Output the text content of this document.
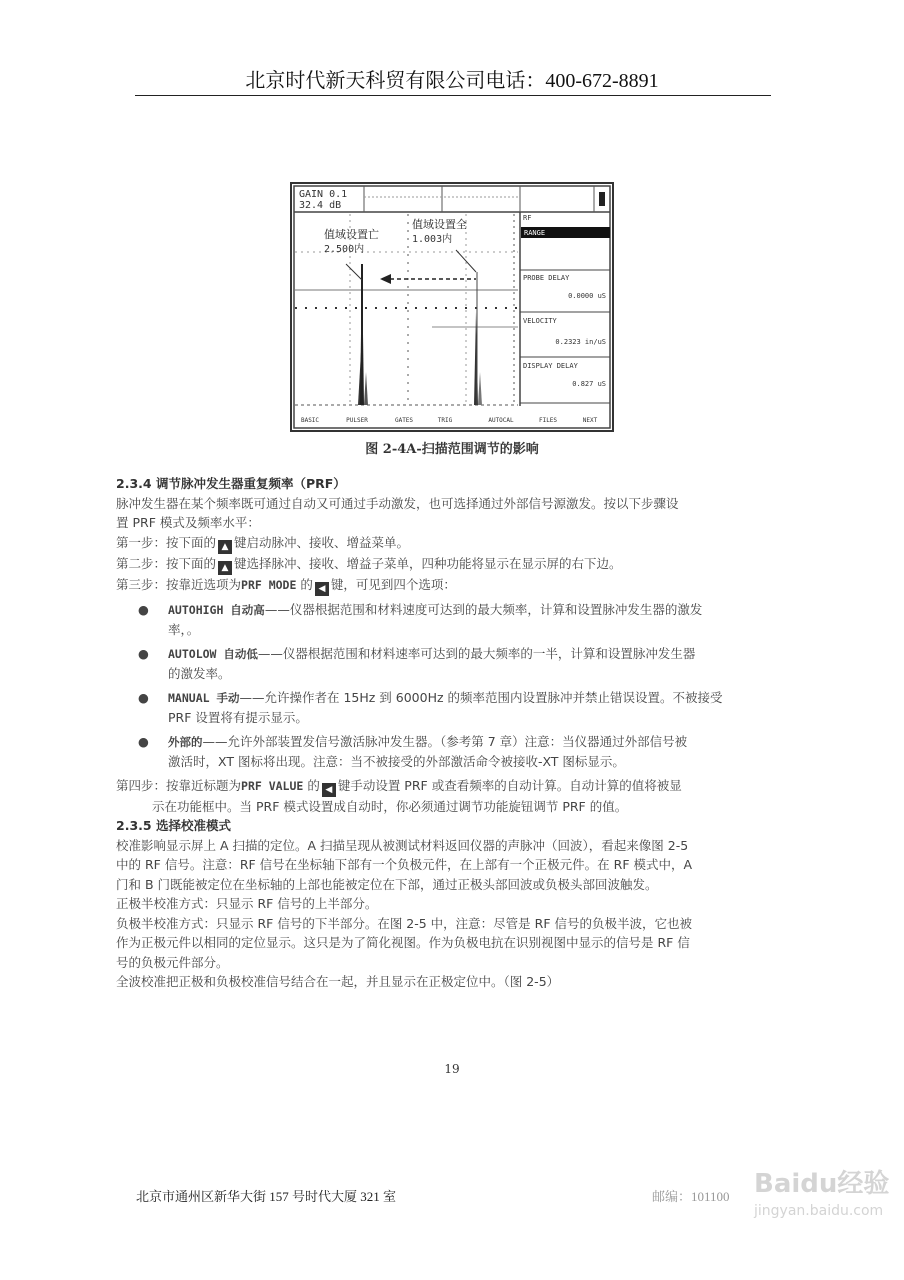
北京时代新天科贸有限公司电话：400-672-8891
GAIN 0.1
32.4 dB
值域设置亡
2.500内
值域设置全
1.003内
RF
RANGE
PROBE DELAY
0.0000 uS
VELOCITY
0.2323 in/uS
DISPLAY DELAY
0.827 uS
BASIC	PULSER	GATES	TRIG	AUTOCAL	FILES	NEXT
图 2-4A-扫描范围调节的影响
2.3.4 调节脉冲发生器重复频率（PRF）
脉冲发生器在某个频率既可通过自动又可通过手动激发，也可选择通过外部信号源激发。按以下步骤设
置 PRF 模式及频率水平：
第一步：按下面的 ▲ 键启动脉冲、接收、增益菜单。
第二步：按下面的 ▲ 键选择脉冲、接收、增益子菜单，四种功能将显示在显示屏的右下边。
第三步：按靠近选项为PRF MODE 的 ◀ 键，可见到四个选项：
● AUTOHIGH 自动高——仪器根据范围和材料速度可达到的最大频率，计算和设置脉冲发生器的激发
率，。
● AUTOLOW 自动低——仪器根据范围和材料速率可达到的最大频率的一半，计算和设置脉冲发生器
的激发率。
● MANUAL 手动——允许操作者在 15Hz 到 6000Hz 的频率范围内设置脉冲并禁止错误设置。不被接受
PRF 设置将有提示显示。
● 外部的——允许外部装置发信号激活脉冲发生器。（参考第 7 章）注意：当仪器通过外部信号被
激活时，XT 图标将出现。注意：当不被接受的外部激活命令被接收-XT 图标显示。
第四步：按靠近标题为PRF VALUE 的 ◀ 键手动设置 PRF 或查看频率的自动计算。自动计算的值将被显
示在功能框中。当 PRF 模式设置成自动时，你必须通过调节功能旋钮调节 PRF 的值。
2.3.5 选择校准模式
校准影响显示屏上 A 扫描的定位。A 扫描呈现从被测试材料返回仪器的声脉冲（回波），看起来像图 2-5
中的 RF 信号。注意：RF 信号在坐标轴下部有一个负极元件，在上部有一个正极元件。在 RF 模式中，A
门和 B 门既能被定位在坐标轴的上部也能被定位在下部，通过正极头部回波或负极头部回波触发。
正极半校准方式：只显示 RF 信号的上半部分。
负极半校准方式：只显示 RF 信号的下半部分。在图 2-5 中，注意：尽管是 RF 信号的负极半波，它也被
作为正极元件以相同的定位显示。这只是为了简化视图。作为负极电抗在识别视图中显示的信号是 RF 信
号的负极元件部分。
全波校准把正极和负极校准信号结合在一起，并且显示在正极定位中。（图 2-5）
19
北京市通州区新华大街 157 号时代大厦 321 室	邮编：101100 Baidu经验
jingyan.baidu.com
